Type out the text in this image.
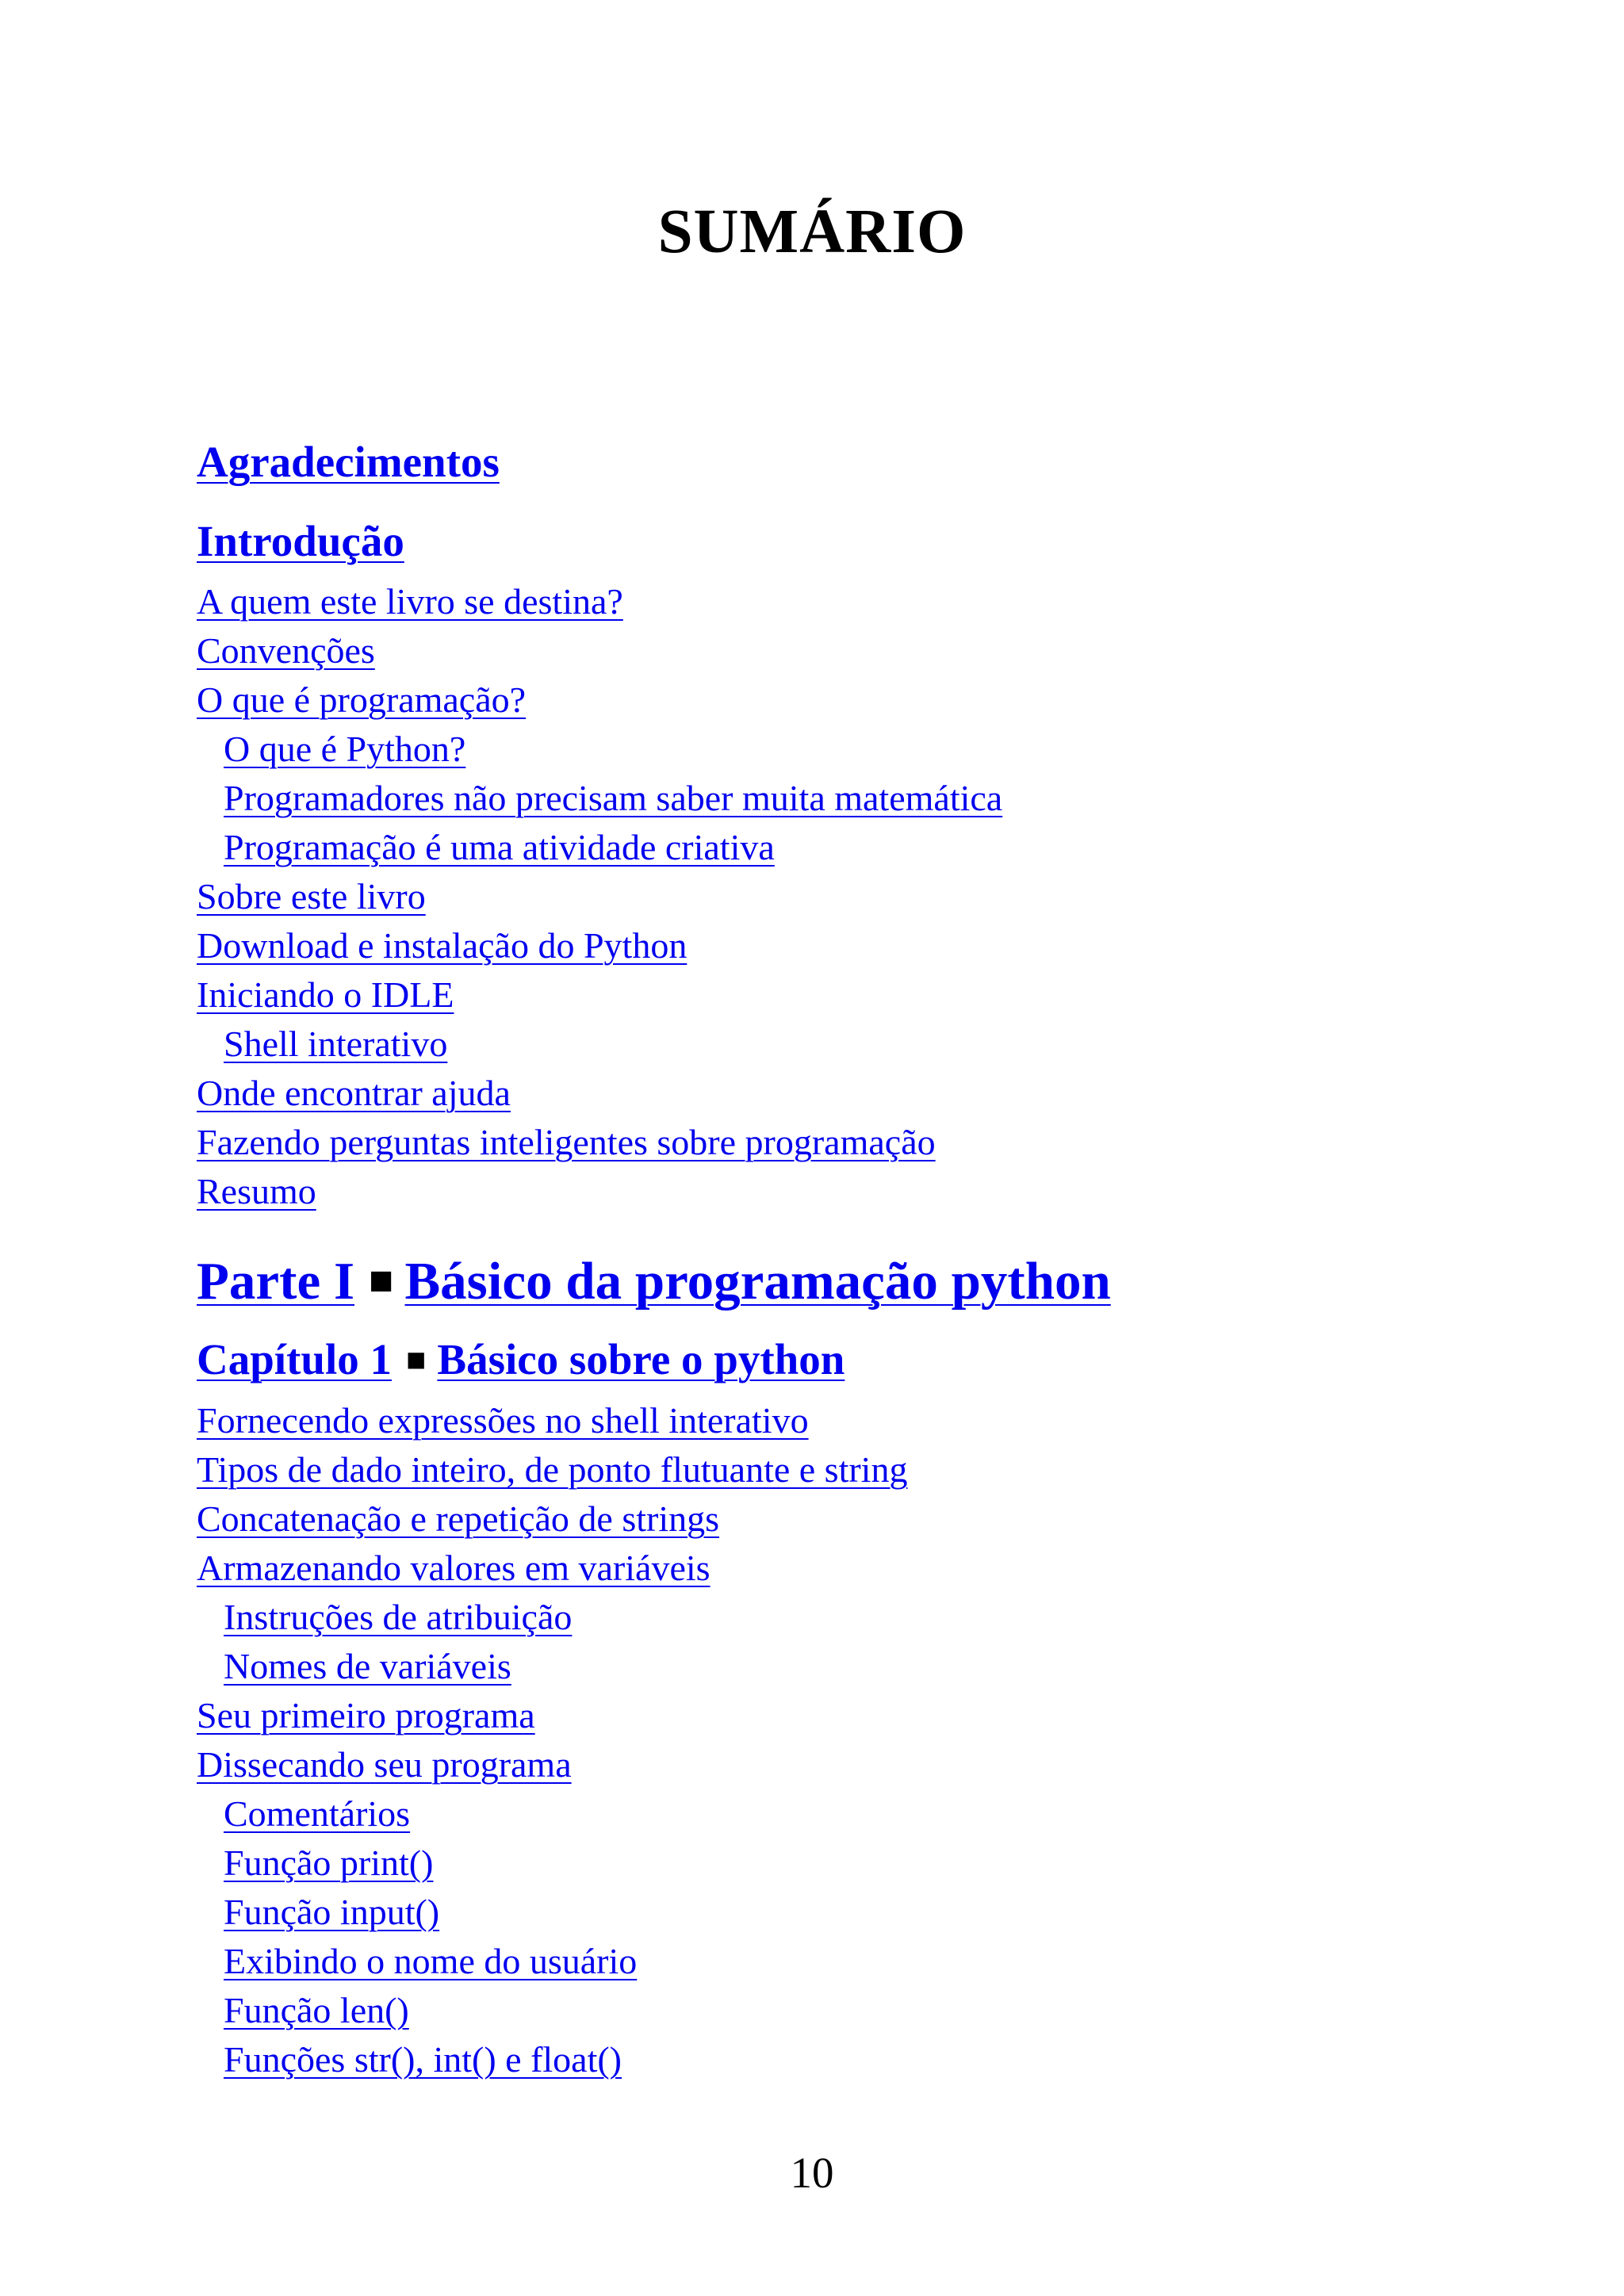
SUMÁRIO
Agradecimentos
Introdução
A quem este livro se destina?
Convenções
O que é programação?
O que é Python?
Programadores não precisam saber muita matemática
Programação é uma atividade criativa
Sobre este livro
Download e instalação do Python
Iniciando o IDLE
Shell interativo
Onde encontrar ajuda
Fazendo perguntas inteligentes sobre programação
Resumo
Parte I ■ Básico da programação python
Capítulo 1 ■ Básico sobre o python
Fornecendo expressões no shell interativo
Tipos de dado inteiro, de ponto flutuante e string
Concatenação e repetição de strings
Armazenando valores em variáveis
Instruções de atribuição
Nomes de variáveis
Seu primeiro programa
Dissecando seu programa
Comentários
Função print()
Função input()
Exibindo o nome do usuário
Função len()
Funções str(), int() e float()
10
